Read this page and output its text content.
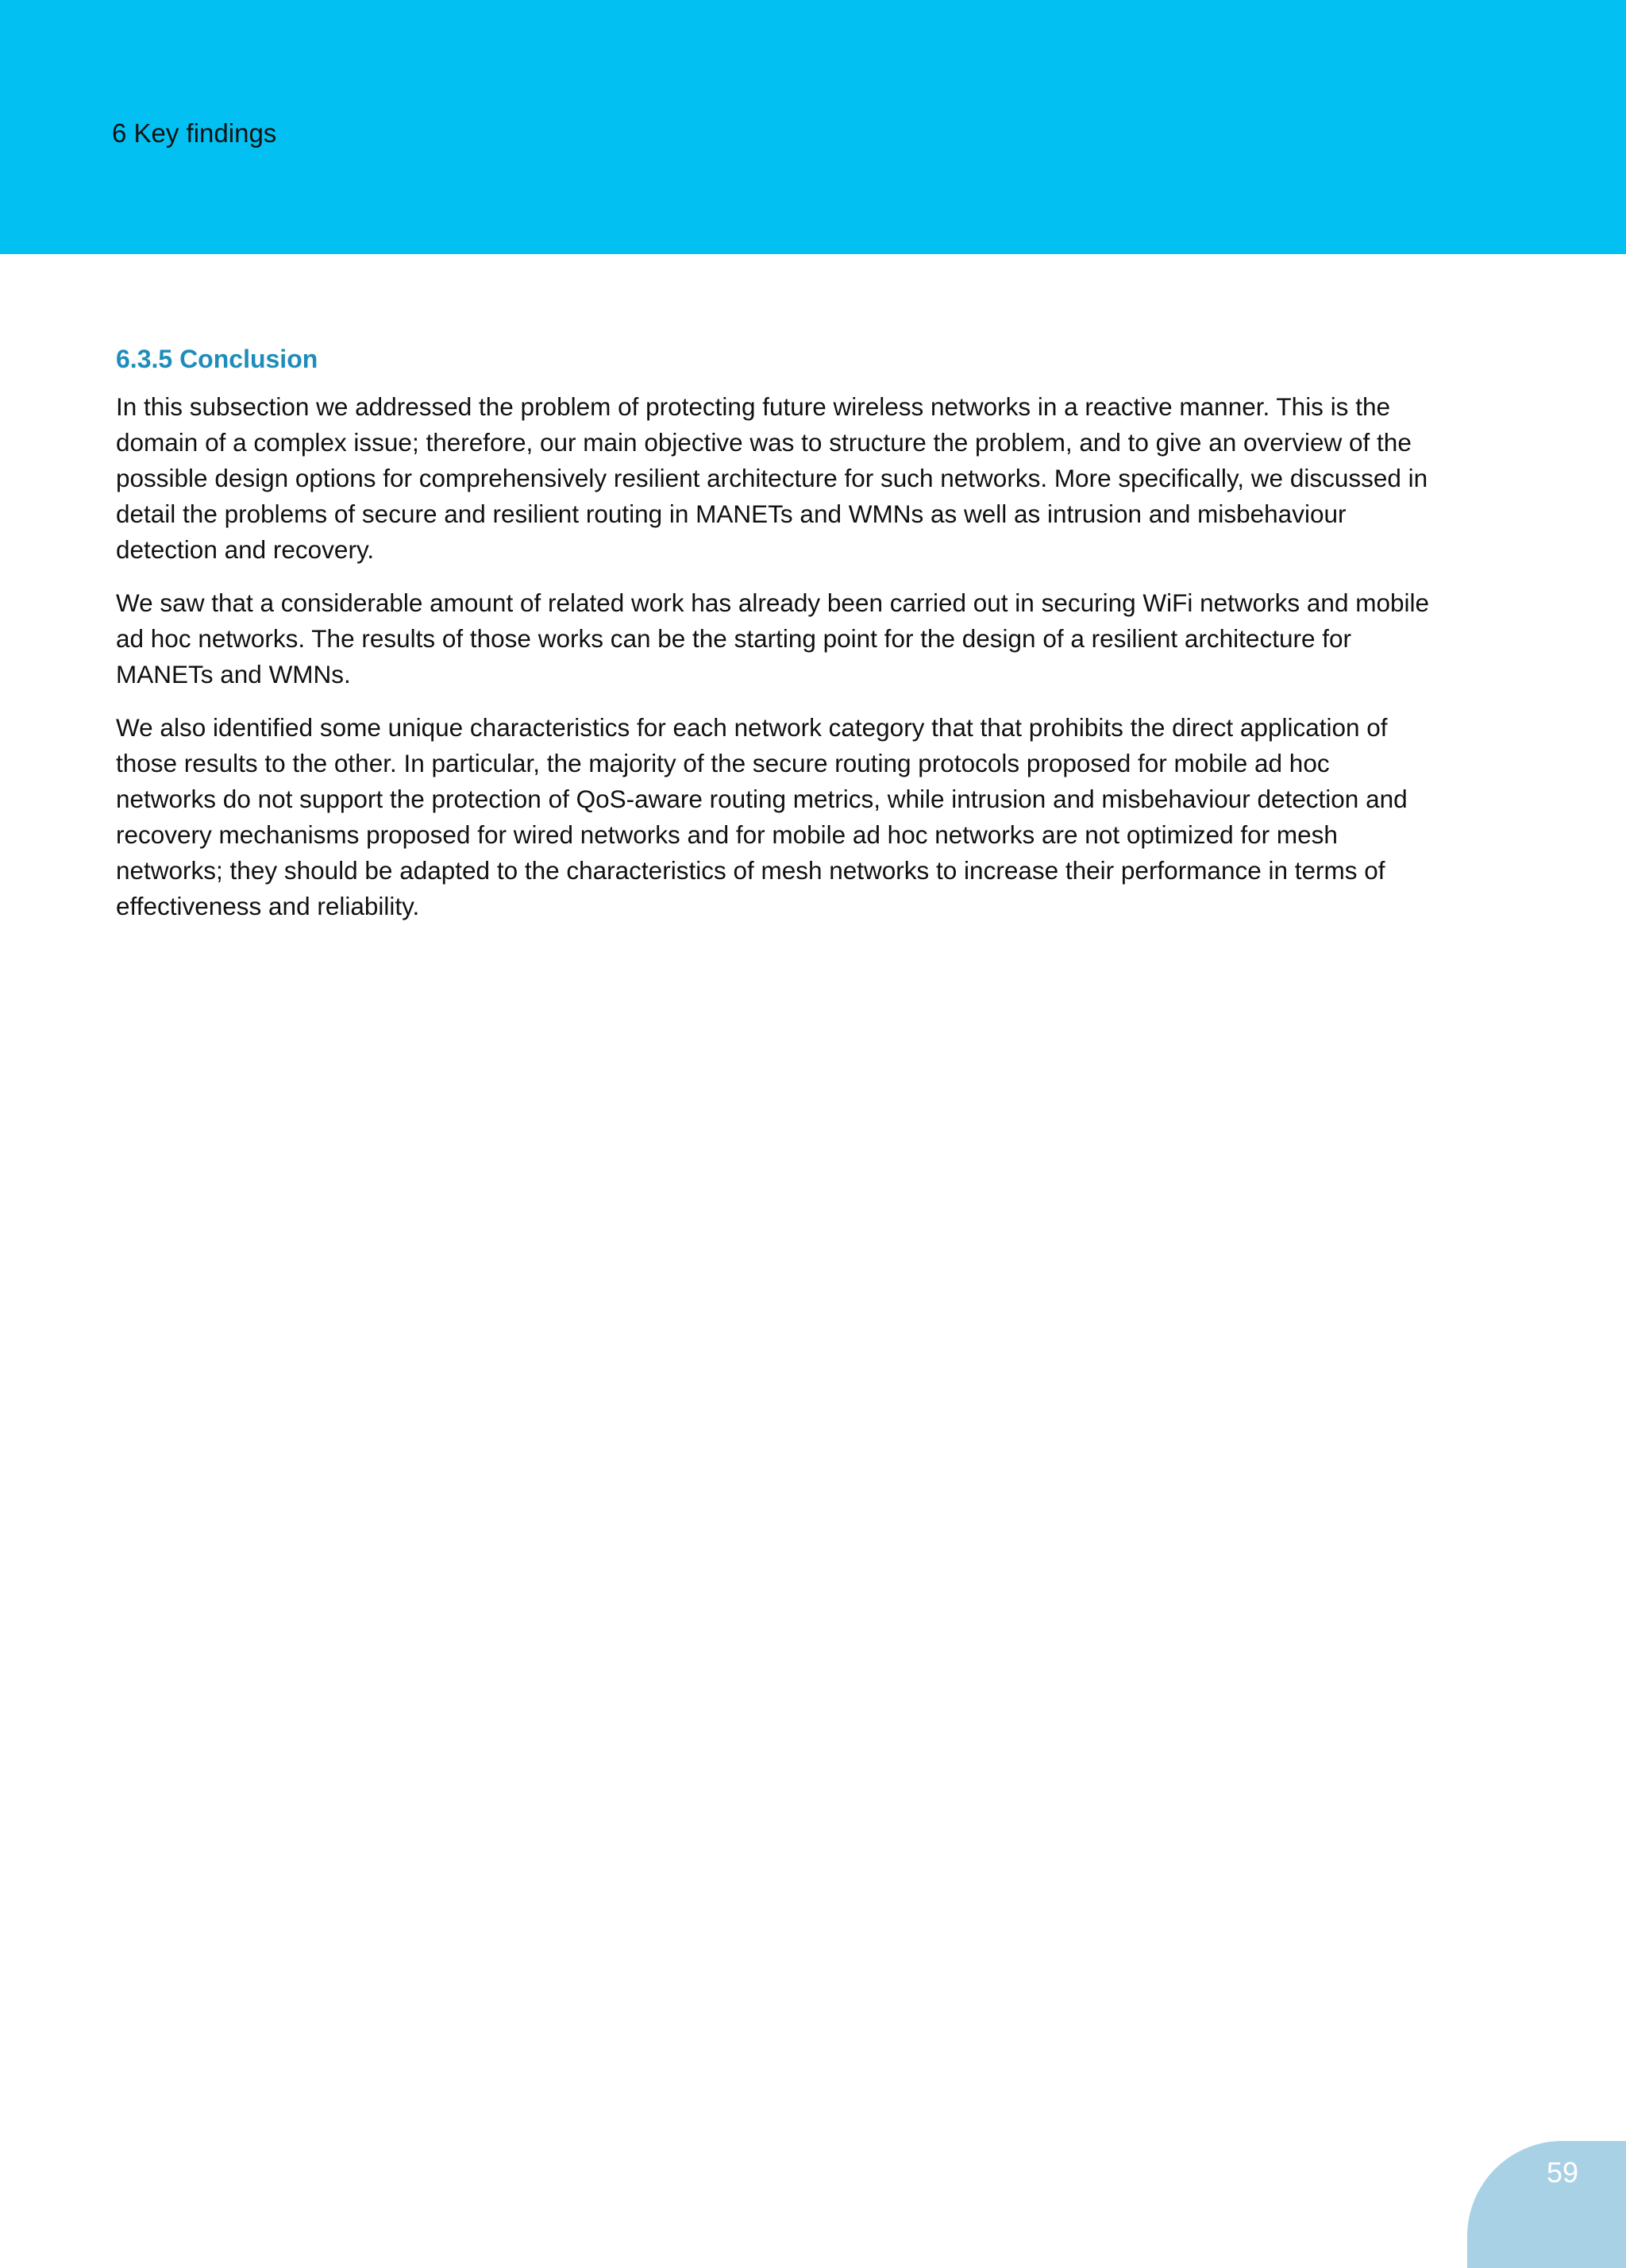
6 Key findings
6.3.5 Conclusion

In this subsection we addressed the problem of protecting future wireless networks in a reactive manner. This is the domain of a complex issue; therefore, our main objective was to structure the problem, and to give an overview of the possible design options for comprehensively resilient architecture for such networks. More specifically, we discussed in detail the problems of secure and resilient routing in MANETs and WMNs as well as intrusion and misbehaviour detection and recovery.

We saw that a considerable amount of related work has already been carried out in securing WiFi networks and mobile ad hoc networks. The results of those works can be the starting point for the design of a resilient architecture for MANETs and WMNs.

We also identified some unique characteristics for each network category that that prohibits the direct application of those results to the other. In particular, the majority of the secure routing protocols proposed for mobile ad hoc networks do not support the protection of QoS-aware routing metrics, while intrusion and misbehaviour detection and recovery mechanisms proposed for wired networks and for mobile ad hoc networks are not optimized for mesh networks; they should be adapted to the characteristics of mesh networks to increase their performance in terms of effectiveness and reliability.

59
